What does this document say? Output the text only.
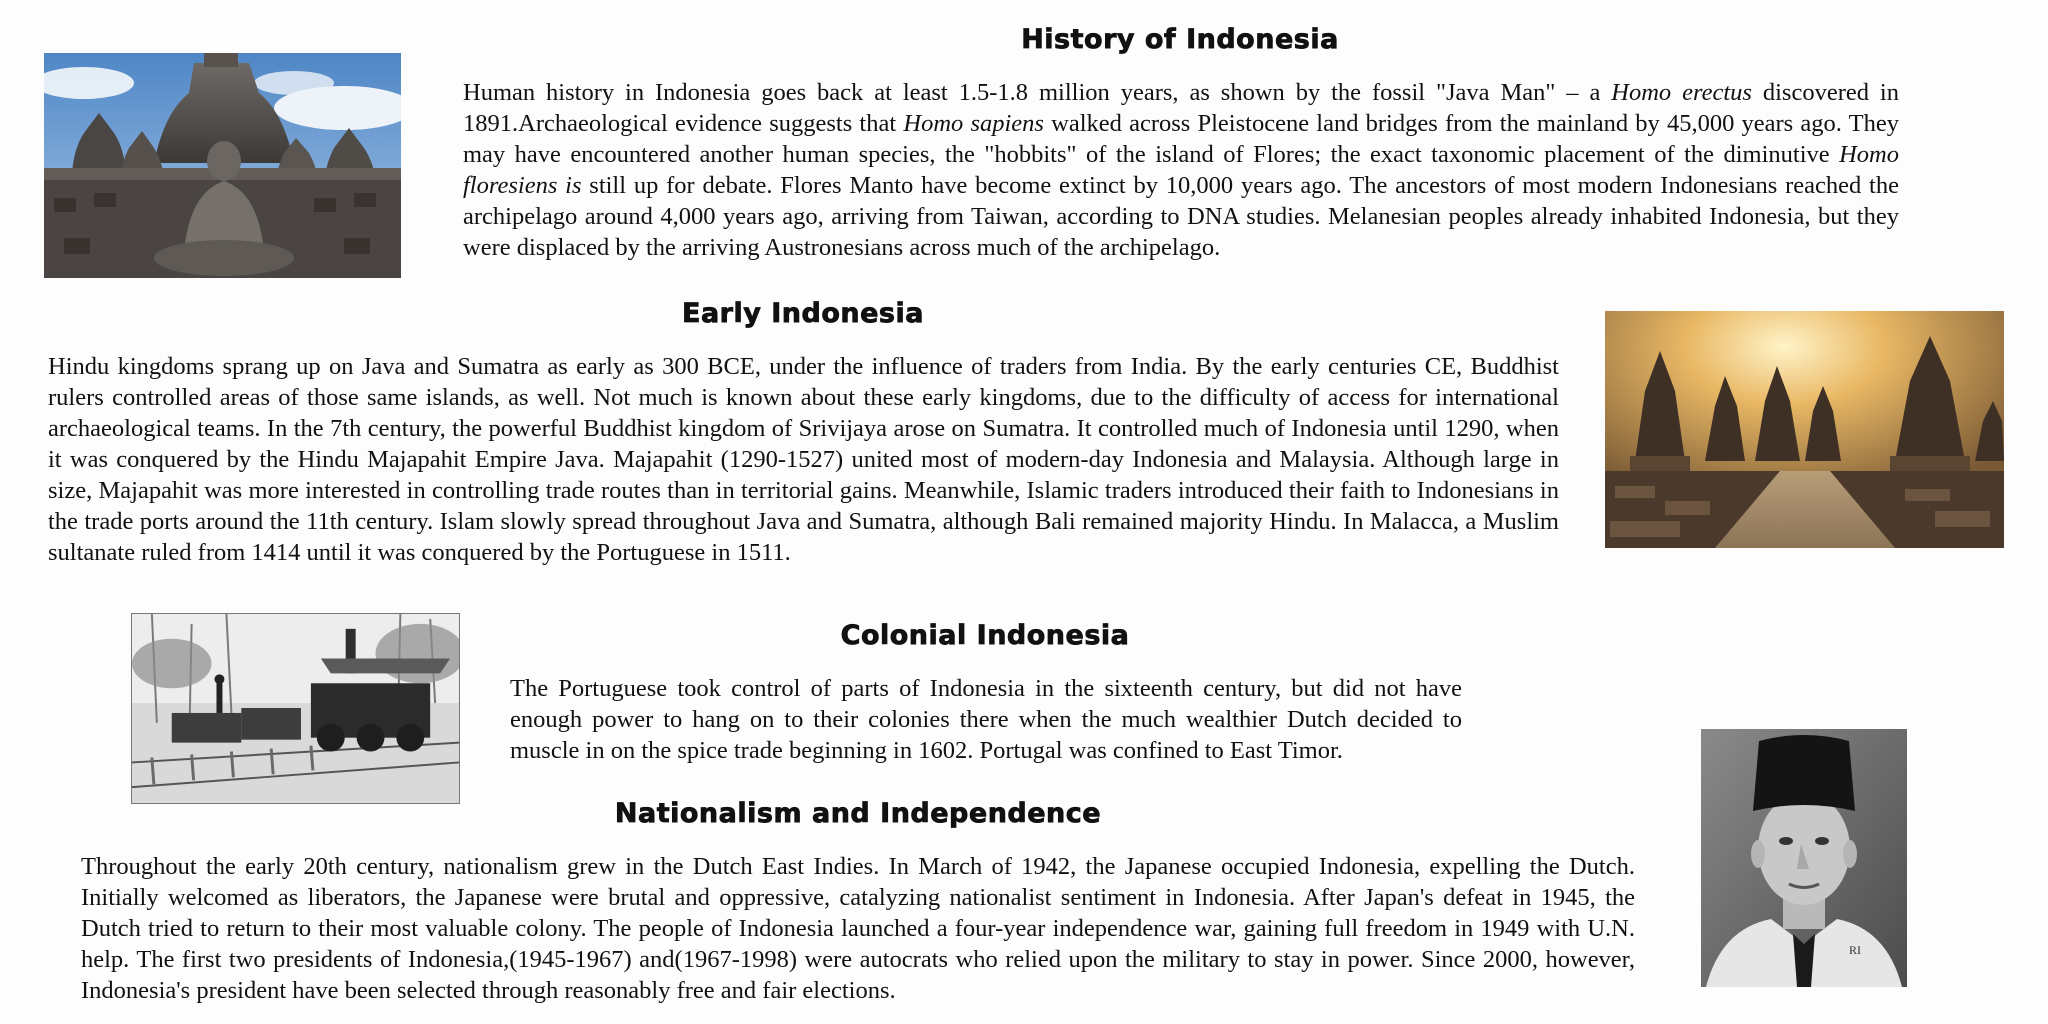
RI
History of Indonesia

Human history in Indonesia goes back at least 1.5-1.8 million years, as shown by the fossil "Java Man" – a Homo erectus discovered in 1891.Archaeological evidence suggests that Homo sapiens walked across Pleistocene land bridges from the mainland by 45,000 years ago. They may have encountered another human species, the "hobbits" of the island of Flores; the exact taxonomic placement of the diminutive Homo floresiens is still up for debate. Flores Manto have become extinct by 10,000 years ago. The ancestors of most modern Indonesians reached the archipelago around 4,000 years ago, arriving from Taiwan, according to DNA studies. Melanesian peoples already inhabited Indonesia, but they were displaced by the arriving Austronesians across much of the archipelago.

Early Indonesia

Hindu kingdoms sprang up on Java and Sumatra as early as 300 BCE, under the influence of traders from India. By the early centuries CE, Buddhist rulers controlled areas of those same islands, as well. Not much is known about these early kingdoms, due to the difficulty of access for international archaeological teams. In the 7th century, the powerful Buddhist kingdom of Srivijaya arose on Sumatra. It controlled much of Indonesia until 1290, when it was conquered by the Hindu Majapahit Empire Java. Majapahit (1290-1527) united most of modern-day Indonesia and Malaysia. Although large in size, Majapahit was more interested in controlling trade routes than in territorial gains. Meanwhile, Islamic traders introduced their faith to Indonesians in the trade ports around the 11th century. Islam slowly spread throughout Java and Sumatra, although Bali remained majority Hindu. In Malacca, a Muslim sultanate ruled from 1414 until it was conquered by the Portuguese in 1511.

Colonial Indonesia

The Portuguese took control of parts of Indonesia in the sixteenth century, but did not have enough power to hang on to their colonies there when the much wealthier Dutch decided to muscle in on the spice trade beginning in 1602. Portugal was confined to East Timor.

Nationalism and Independence

Throughout the early 20th century, nationalism grew in the Dutch East Indies. In March of 1942, the Japanese occupied Indonesia, expelling the Dutch. Initially welcomed as liberators, the Japanese were brutal and oppressive, catalyzing nationalist sentiment in Indonesia. After Japan's defeat in 1945, the Dutch tried to return to their most valuable colony. The people of Indonesia launched a four-year independence war, gaining full freedom in 1949 with U.N. help. The first two presidents of Indonesia,(1945-1967) and(1967-1998) were autocrats who relied upon the military to stay in power. Since 2000, however, Indonesia's president have been selected through reasonably free and fair elections.
